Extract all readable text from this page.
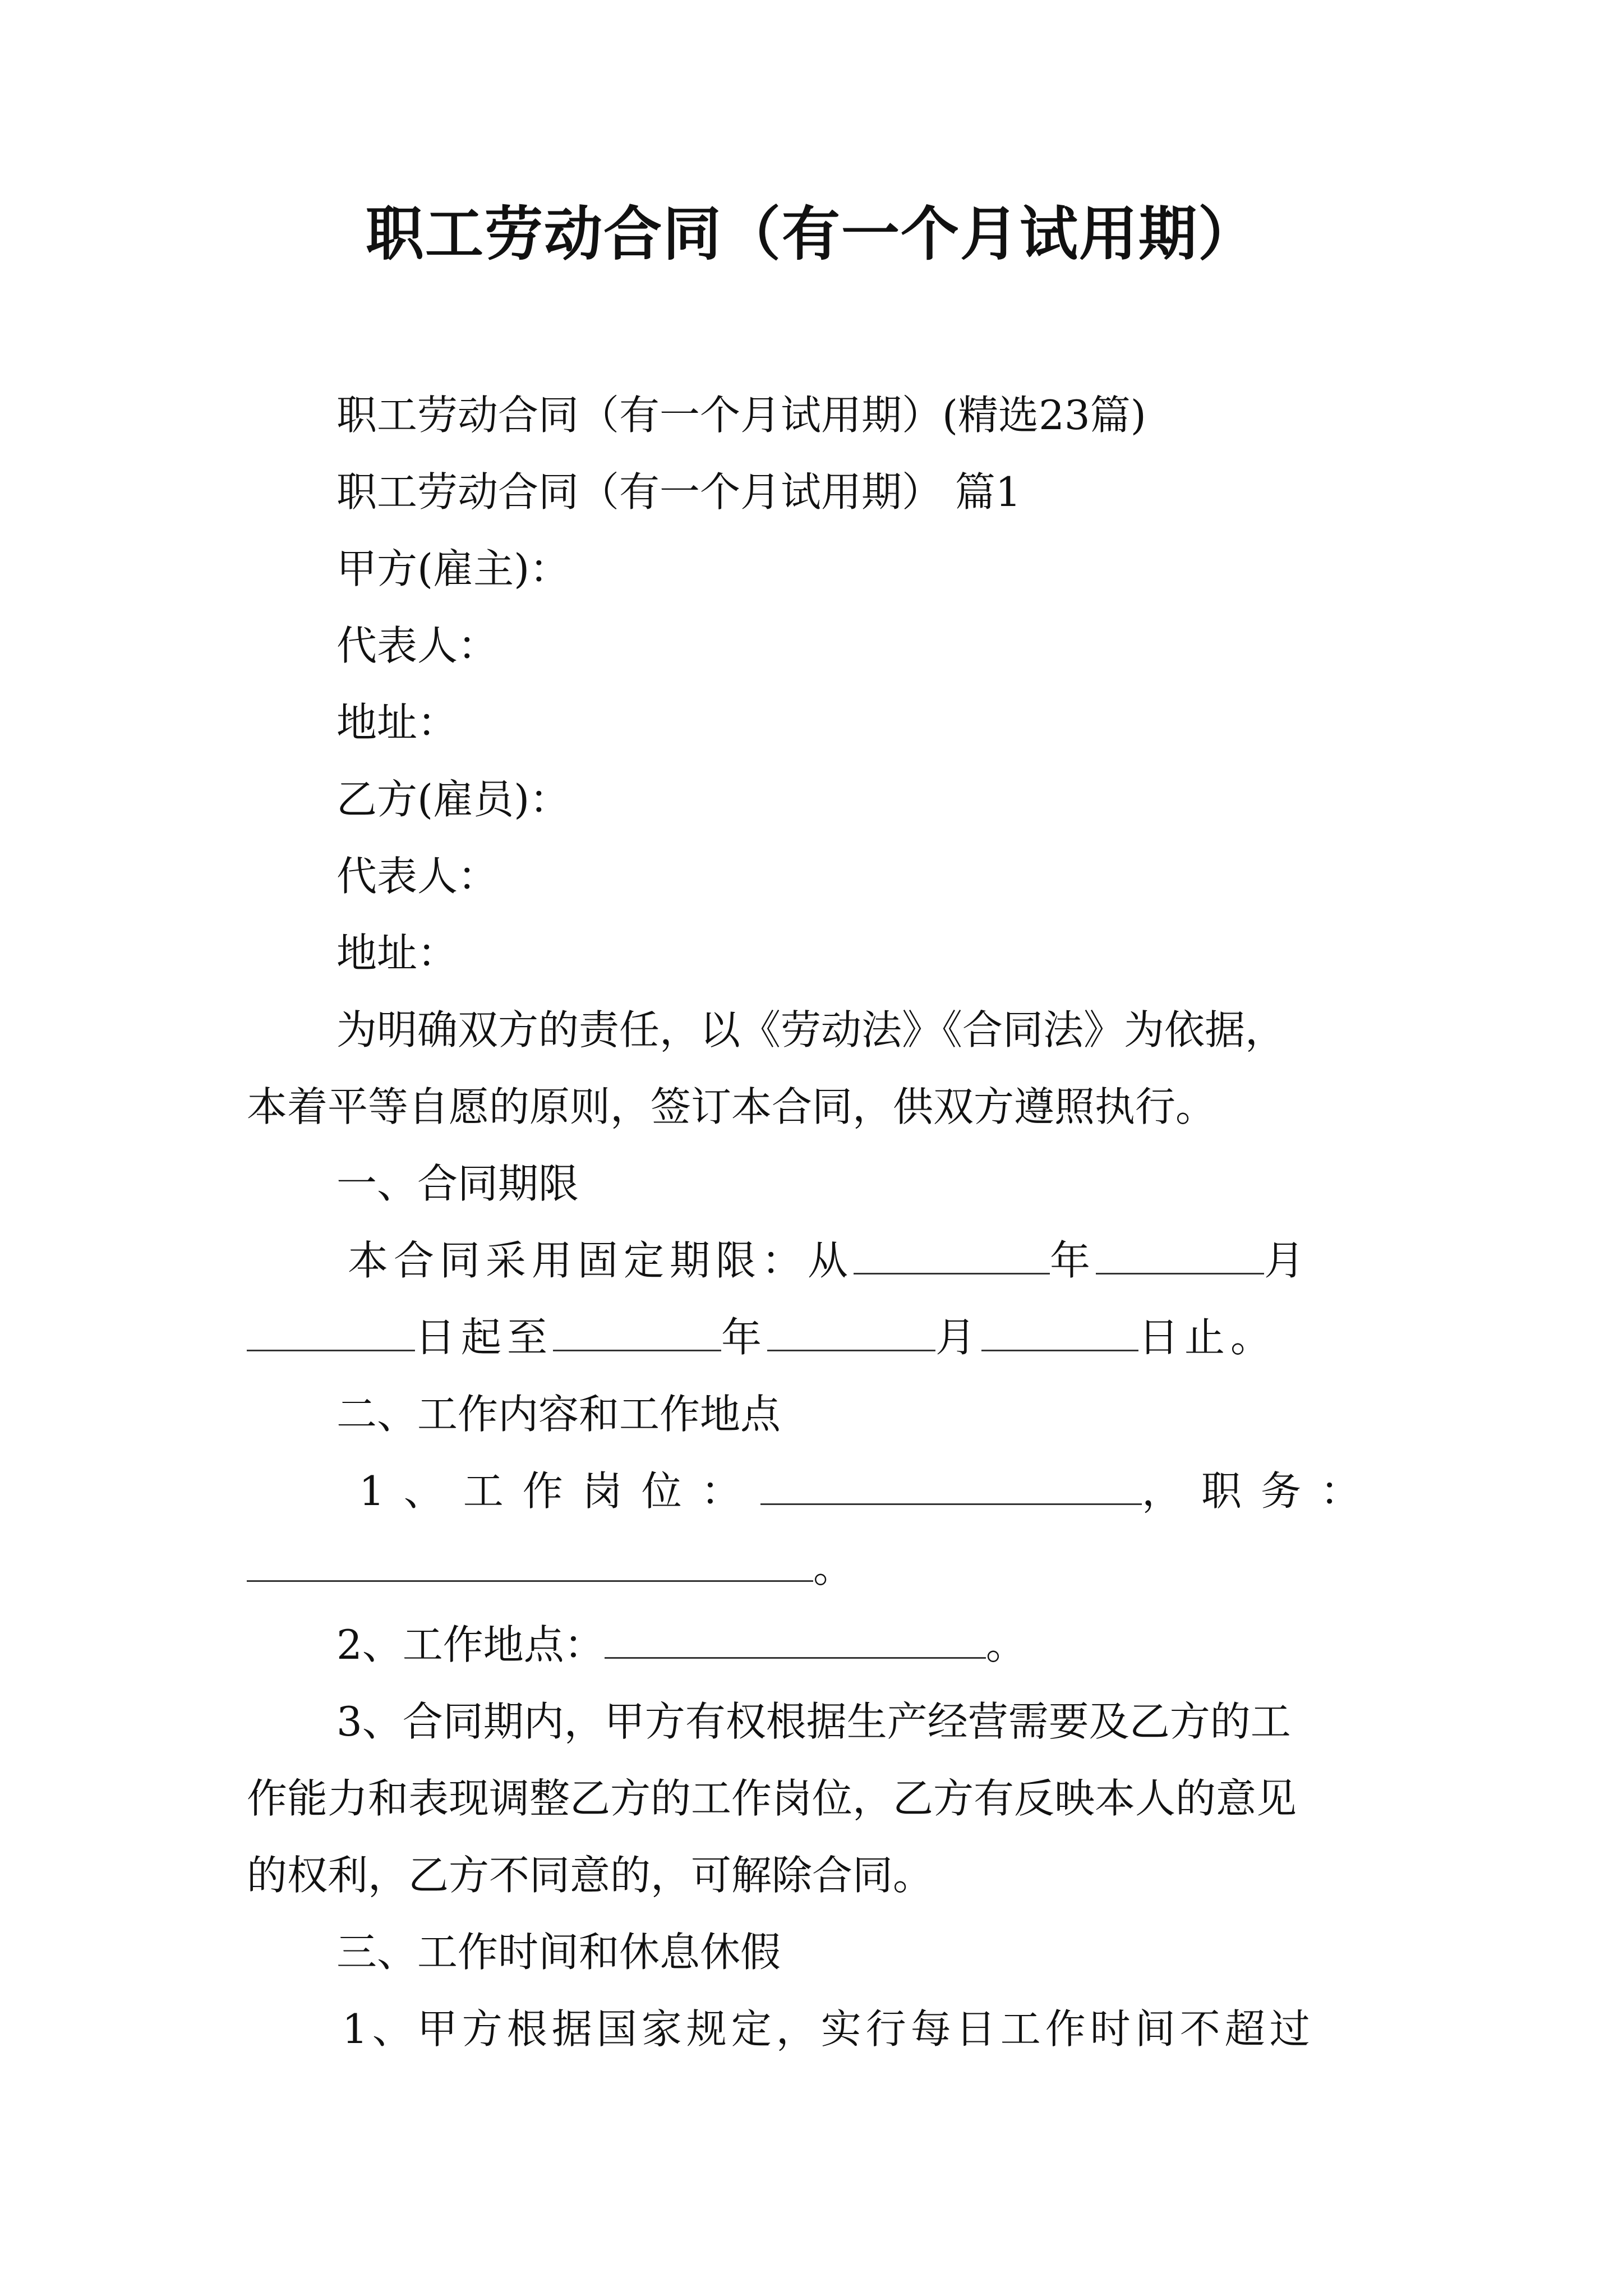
职工劳动合同（有一个月试用期）
职工劳动合同（有一个月试用期）(精选23篇)
职工劳动合同（有一个月试用期） 篇1
甲方(雇主)：
代表人：
地址：
乙方(雇员)：
代表人：
地址：
为明确双方的责任，以《劳动法》《合同法》为依据，
本着平等自愿的原则，签订本合同，供双方遵照执行。
一、合同期限
本合同采用固定期限：从	年	月
日起至	年	月	日止。
二、工作内容和工作地点
1、工作岗位：	，职务：
。
2、工作地点：	。
3、合同期内，甲方有权根据生产经营需要及乙方的工
作能力和表现调整乙方的工作岗位，乙方有反映本人的意见
的权利，乙方不同意的，可解除合同。
三、工作时间和休息休假
1、甲方根据国家规定，实行每日工作时间不超过
